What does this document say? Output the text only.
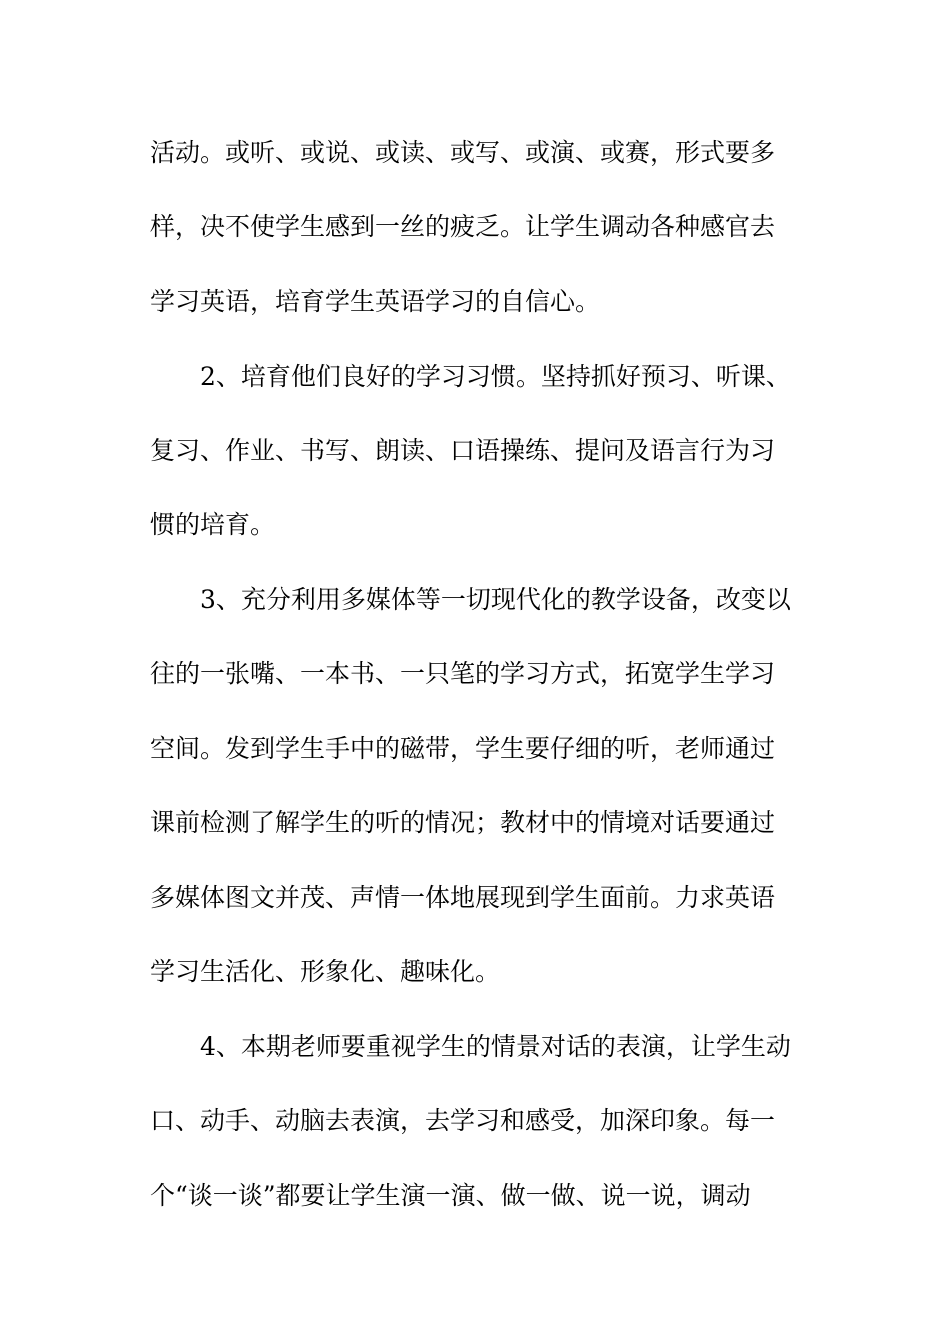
活动。或听、或说、或读、或写、或演、或赛，形式要多
样，决不使学生感到一丝的疲乏。让学生调动各种感官去
学习英语，培育学生英语学习的自信心。
2、培育他们良好的学习习惯。坚持抓好预习、听课、
复习、作业、书写、朗读、口语操练、提问及语言行为习
惯的培育。
3、充分利用多媒体等一切现代化的教学设备，改变以
往的一张嘴、一本书、一只笔的学习方式，拓宽学生学习
空间。发到学生手中的磁带，学生要仔细的听，老师通过
课前检测了解学生的听的情况；教材中的情境对话要通过
多媒体图文并茂、声情一体地展现到学生面前。力求英语
学习生活化、形象化、趣味化。
4、本期老师要重视学生的情景对话的表演，让学生动
口、动手、动脑去表演，去学习和感受，加深印象。每一
个“谈一谈”都要让学生演一演、做一做、说一说，调动
